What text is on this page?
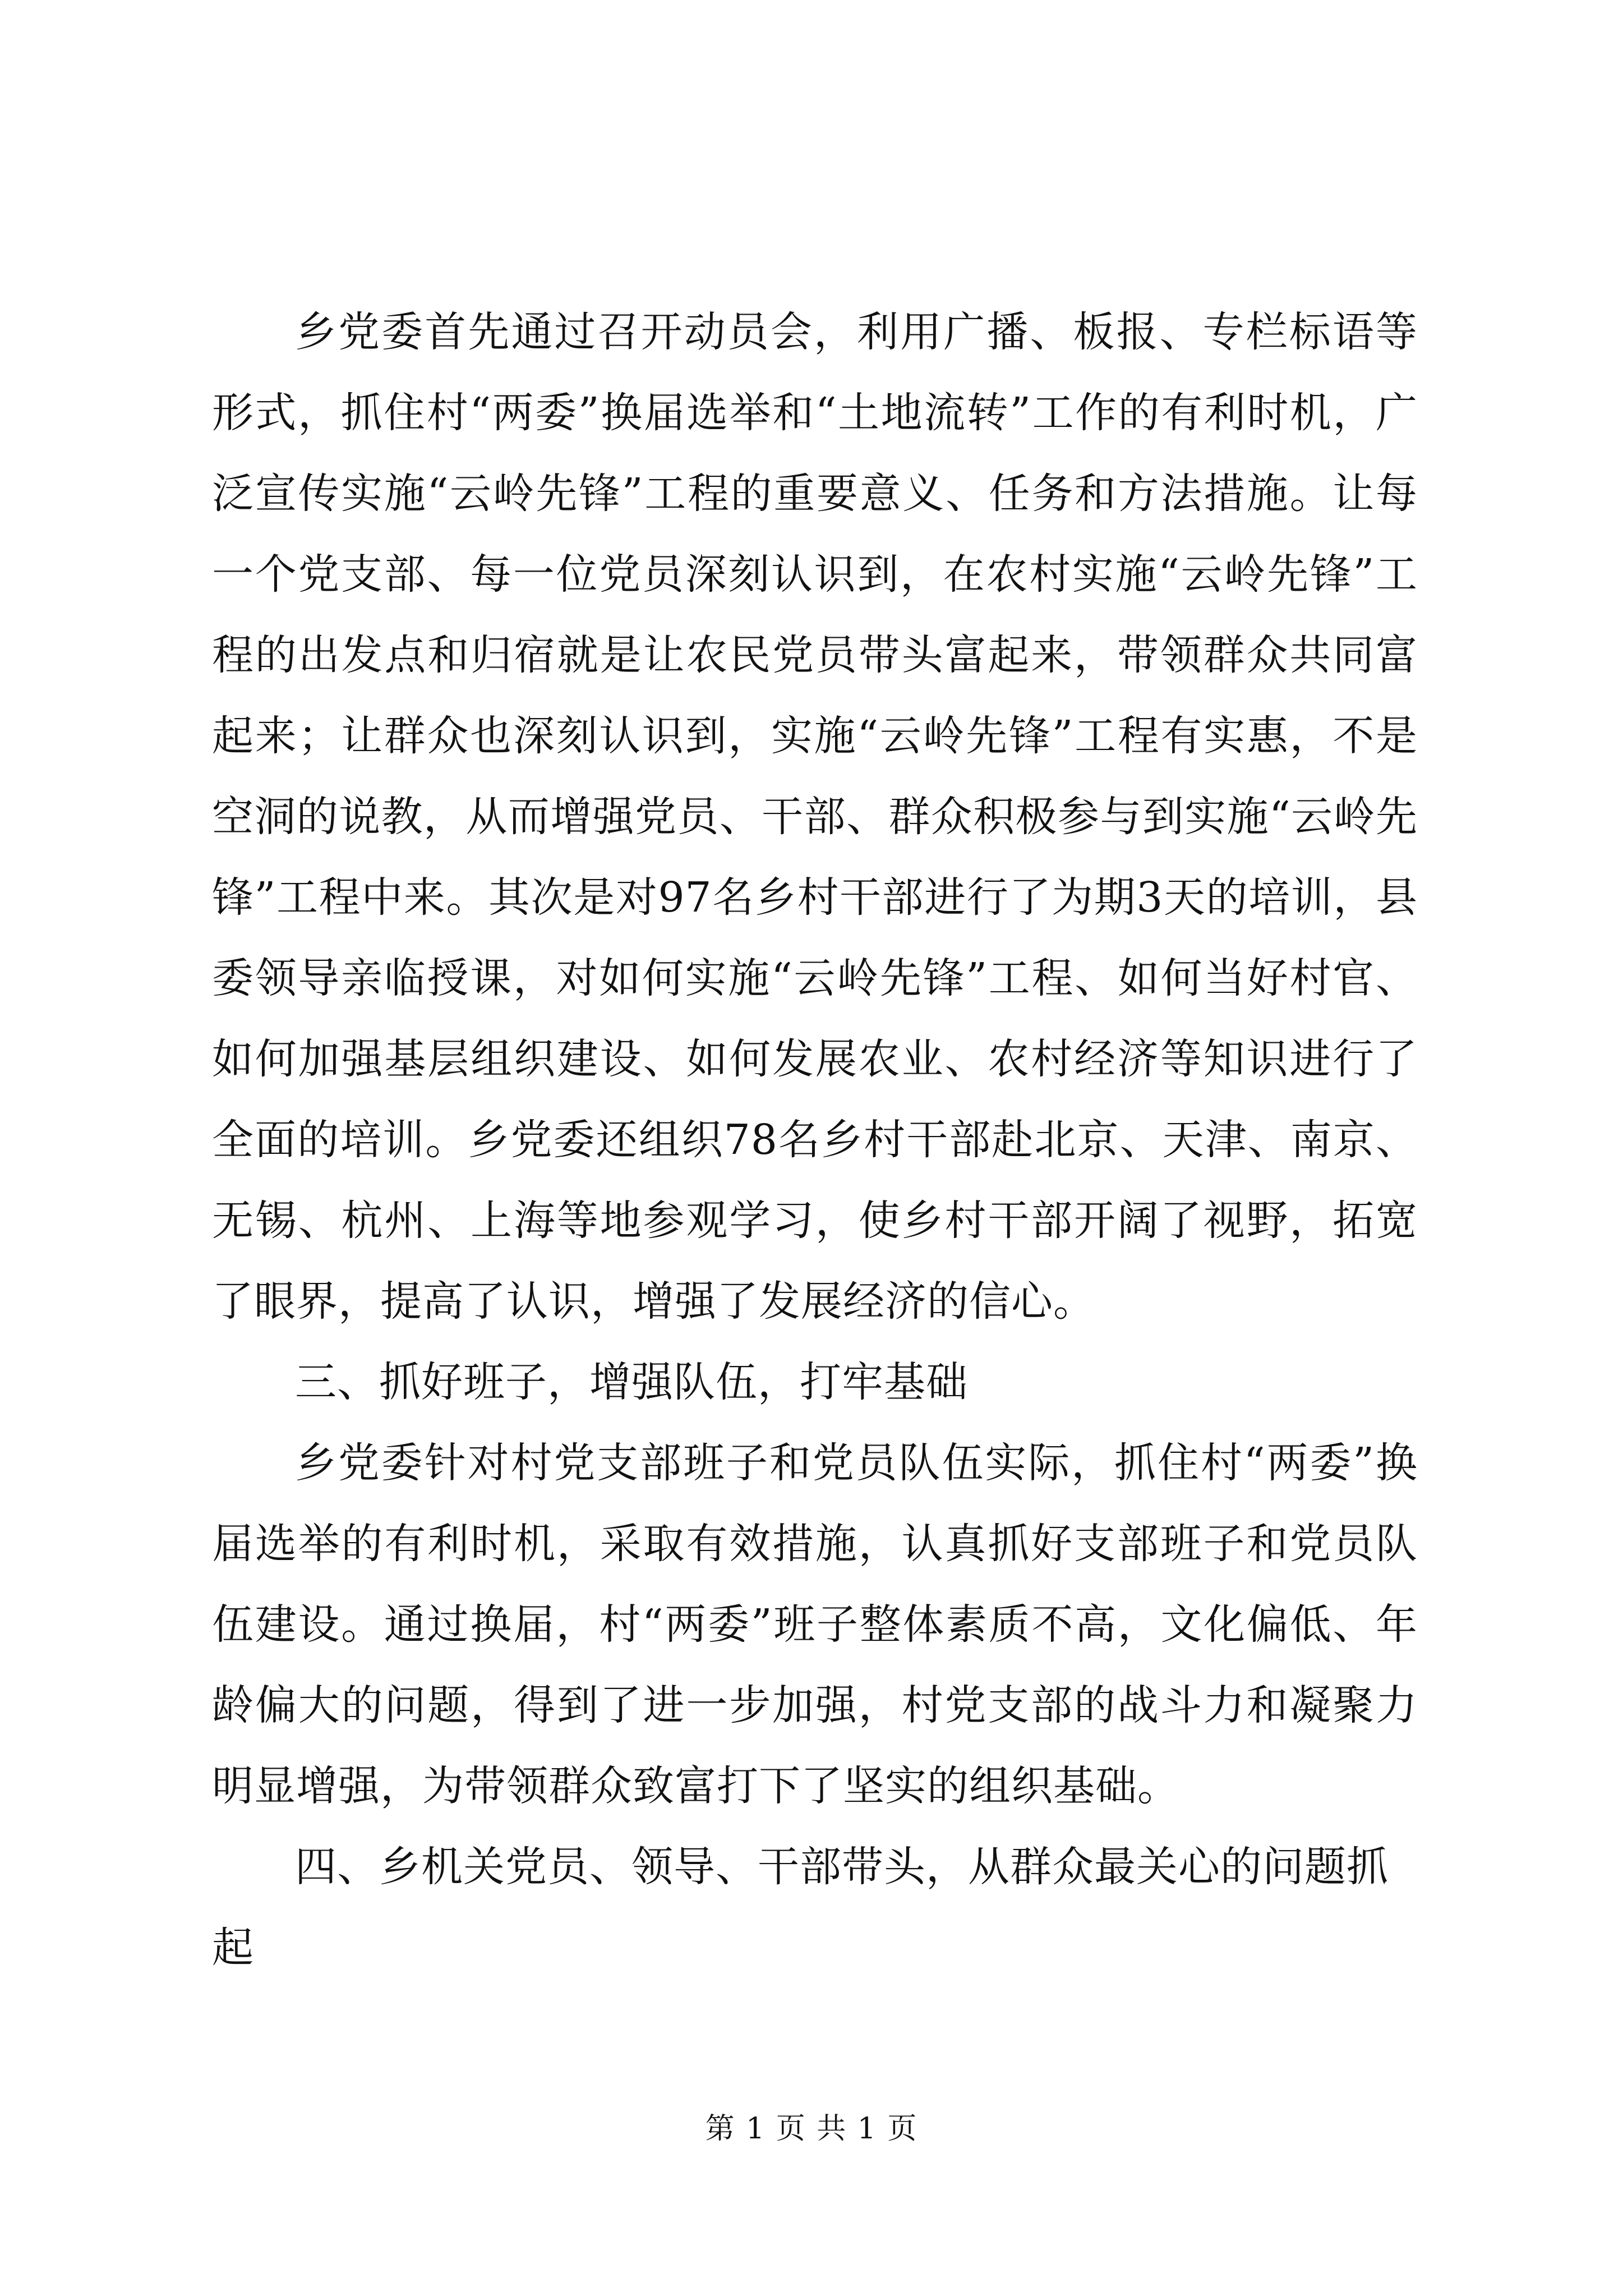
乡党委首先通过召开动员会，利用广播、板报、专栏标语等形式，抓住村“两委”换届选举和“土地流转”工作的有利时机，广泛宣传实施“云岭先锋”工程的重要意义、任务和方法措施。让每一个党支部、每一位党员深刻认识到，在农村实施“云岭先锋”工程的出发点和归宿就是让农民党员带头富起来，带领群众共同富起来；让群众也深刻认识到，实施“云岭先锋”工程有实惠，不是空洞的说教，从而增强党员、干部、群众积极参与到实施“云岭先锋”工程中来。其次是对97名乡村干部进行了为期3天的培训，县委领导亲临授课，对如何实施“云岭先锋”工程、如何当好村官、如何加强基层组织建设、如何发展农业、农村经济等知识进行了全面的培训。乡党委还组织78名乡村干部赴北京、天津、南京、无锡、杭州、上海等地参观学习，使乡村干部开阔了视野，拓宽了眼界，提高了认识，增强了发展经济的信心。

三、抓好班子，增强队伍，打牢基础

乡党委针对村党支部班子和党员队伍实际，抓住村“两委”换届选举的有利时机，采取有效措施，认真抓好支部班子和党员队伍建设。通过换届，村“两委”班子整体素质不高，文化偏低、年龄偏大的问题，得到了进一步加强，村党支部的战斗力和凝聚力明显增强，为带领群众致富打下了坚实的组织基础。

四、乡机关党员、领导、干部带头，从群众最关心的问题抓起

第 1 页 共 1 页
